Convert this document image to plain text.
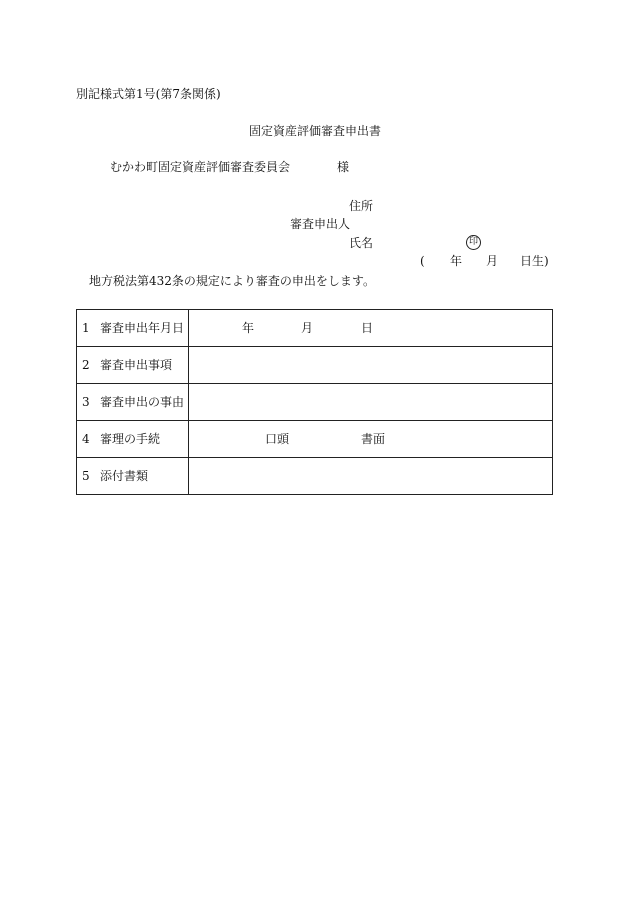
別記様式第1号(第7条関係)
固定資産評価審査申出書
むかわ町固定資産評価審査委員会	様
住所
審査申出人
氏名	印
( 年 月 日生)
地方税法第432条の規定により審査の申出をします。
1 審査申出年月日	年 月 日

2 審査申出事項	
3 審査申出の事由	
4 審理の手続	口頭 書面

5 添付書類	
